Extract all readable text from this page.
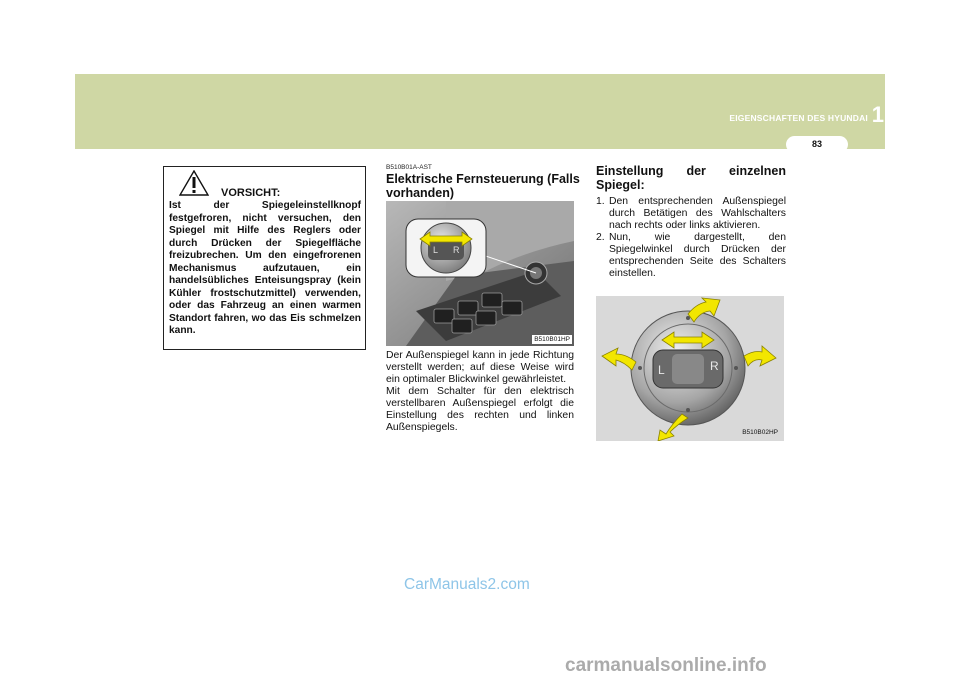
EIGENSCHAFTEN DES HYUNDAI 1
83
VORSICHT:

Ist der Spiegeleinstellknopf festgefroren, nicht versuchen, den Spiegel mit Hilfe des Reglers oder durch Drücken der Spiegelfläche freizubrechen. Um den eingefrorenen Mechanismus aufzutauen, ein handelsübliches Enteisungspray (kein Kühler frostschutzmittel) verwenden, oder das Fahrzeug an einen warmen Standort fahren, wo das Eis schmelzen kann.

B510B01A-AST
Elektrische Fernsteuerung (Falls vorhanden)
L R
B510B01HP

Der Außenspiegel kann in jede Richtung verstellt werden; auf diese Weise wird ein optimaler Blickwinkel gewährleistet.

Mit dem Schalter für den elektrisch verstellbaren Außenspiegel erfolgt die Einstellung des rechten und linken Außenspiegels.

Einstellung der einzelnen Spiegel:
1. Den entsprechenden Außenspiegel durch Betätigen des Wahlschalters nach rechts oder links aktivieren.
2. Nun, wie dargestellt, den Spiegelwinkel durch Drücken der entsprechenden Seite des Schalters einstellen.
L	R
B510B02HP
CarManuals2.com
carmanualsonline.info
